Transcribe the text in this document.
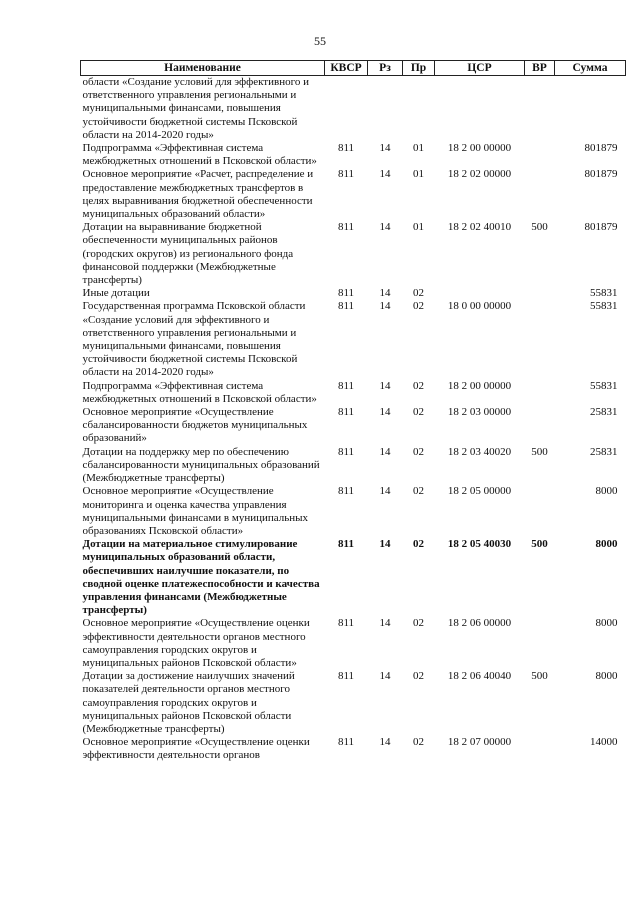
55
Наименование	КВСР	Рз	Пр	ЦСР	ВР	Сумма
области «Создание условий для эффективного и ответственного управления региональными и муниципальными финансами, повышения устойчивости бюджетной системы Псковской области на 2014-2020 годы»						
Подпрограмма «Эффективная система межбюджетных отношений в Псковской области»	811	14	01	18 2 00 00000		801879
Основное мероприятие «Расчет, распределение и предоставление межбюджетных трансфертов в целях выравнивания бюджетной обеспеченности муниципальных образований области»	811	14	01	18 2 02 00000		801879
Дотации на выравнивание бюджетной обеспеченности муниципальных районов (городских округов) из регионального фонда финансовой поддержки (Межбюджетные трансферты)	811	14	01	18 2 02 40010	500	801879
Иные дотации	811	14	02			55831
Государственная программа Псковской области «Создание условий для эффективного и ответственного управления региональными и муниципальными финансами, повышения устойчивости бюджетной системы Псковской области на 2014-2020 годы»	811	14	02	18 0 00 00000		55831
Подпрограмма «Эффективная система межбюджетных отношений в Псковской области»	811	14	02	18 2 00 00000		55831
Основное мероприятие «Осуществление сбалансированности бюджетов муниципальных образований»	811	14	02	18 2 03 00000		25831
Дотации на поддержку мер по обеспечению сбалансированности муниципальных образований (Межбюджетные трансферты)	811	14	02	18 2 03 40020	500	25831
Основное мероприятие «Осуществление мониторинга и оценка качества управления муниципальными финансами в муниципальных образованиях Псковской области»	811	14	02	18 2 05 00000		8000
Дотации на материальное стимулирование муниципальных образований области, обеспечивших наилучшие показатели, по сводной оценке платежеспособности и качества управления финансами (Межбюджетные трансферты)	811	14	02	18 2 05 40030	500	8000
Основное мероприятие «Осуществление оценки эффективности деятельности органов местного самоуправления городских округов и муниципальных районов Псковской области»	811	14	02	18 2 06 00000		8000
Дотации за достижение наилучших значений показателей деятельности органов местного самоуправления городских округов и муниципальных районов Псковской области (Межбюджетные трансферты)	811	14	02	18 2 06 40040	500	8000
Основное мероприятие «Осуществление оценки эффективности деятельности органов	811	14	02	18 2 07 00000		14000
